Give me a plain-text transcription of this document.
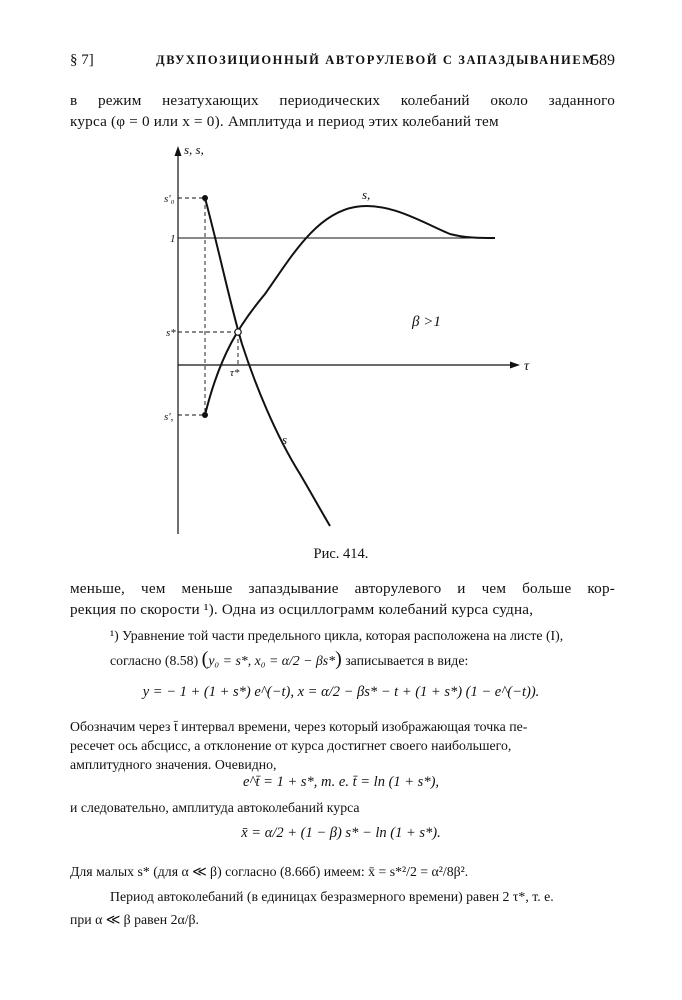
§ 7]	ДВУХПОЗИЦИОННЫЙ АВТОРУЛЕВОЙ С ЗАПАЗДЫВАНИЕМ
589
в режим незатухающих периодических колебаний около заданного
курса (φ = 0 или x = 0). Амплитуда и период этих колебаний тем
s, s,
τ
s'₀
1
s*
s',
τ*
s,
s
β >1
Рис. 414.
меньше, чем меньше запаздывание авторулевого и чем больше кор-
рекция по скорости ¹). Одна из осциллограмм колебаний курса судна,
¹) Уравнение той части предельного цикла, которая расположена на листе (I),
согласно (8.58) (y₀ = s*, x₀ = α/2 − βs*) записывается в виде:
y = − 1 + (1 + s*) e^(−t), x = α/2 − βs* − t + (1 + s*) (1 − e^(−t)).
Обозначим через t̄ интервал времени, через который изображающая точка пе-
ресечет ось абсцисс, а отклонение от курса достигнет своего наибольшего,
амплитудного значения. Очевидно,
e^t̄ = 1 + s*, т. е. t̄ = ln (1 + s*),
и следовательно, амплитуда автоколебаний курса
x̄ = α/2 + (1 − β) s* − ln (1 + s*).
Для малых s* (для α ≪ β) согласно (8.66б) имеем: x̄ = s*²/2 = α²/8β².
Период автоколебаний (в единицах безразмерного времени) равен 2 τ*, т. е.
при α ≪ β равен 2α/β.
